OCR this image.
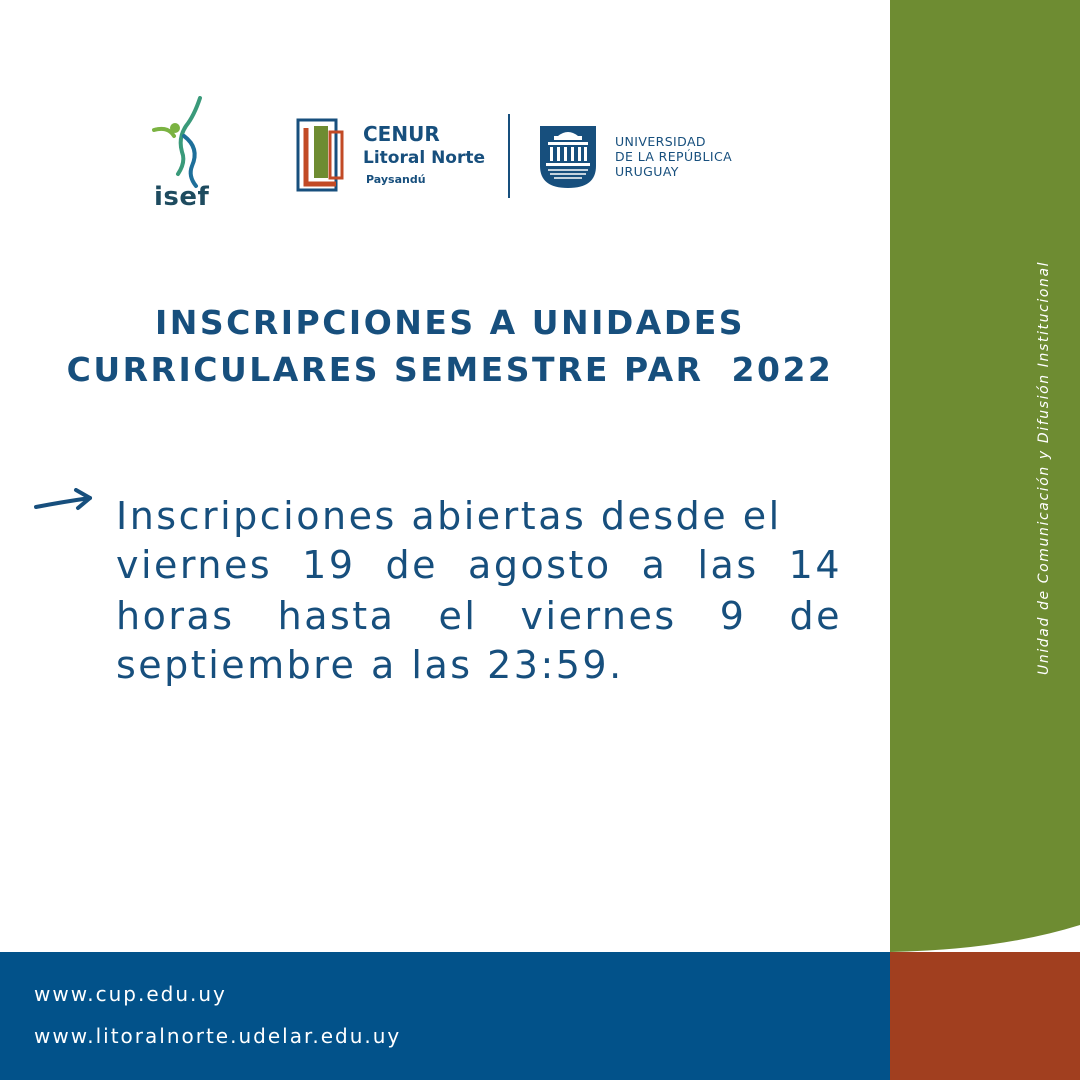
Unidad de Comunicación y Difusión Institucional
isef
CENUR
Litoral Norte
Paysandú
UNIVERSIDAD
DE LA REPÚBLICA
URUGUAY
INSCRIPCIONES A UNIDADES
CURRICULARES SEMESTRE PAR  2022
Inscripciones abiertas desde el
viernes 19 de agosto a las 14
horas hasta el viernes 9 de
septiembre a las 23:59.
www.cup.edu.uy
www.litoralnorte.udelar.edu.uy
